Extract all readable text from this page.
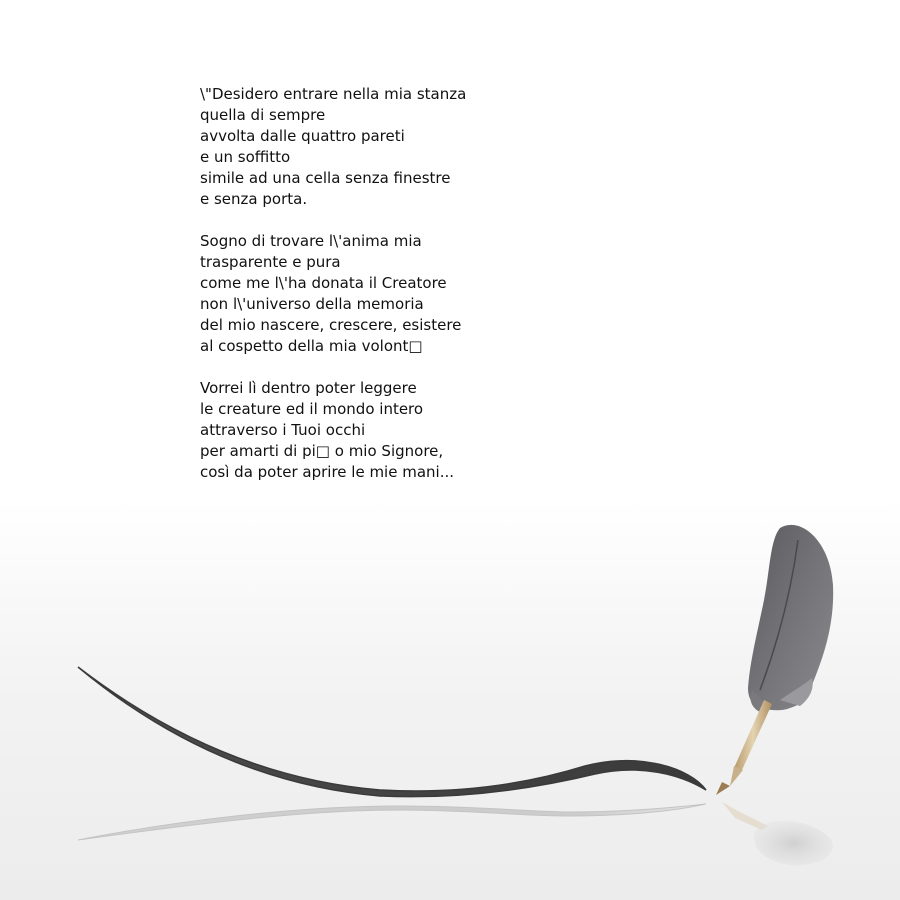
\"Desidero entrare nella mia stanza
quella di sempre
avvolta dalle quattro pareti
e un soffitto
simile ad una cella senza finestre
e senza porta.
Sogno di trovare l\'anima mia
trasparente e pura
come me l\'ha donata il Creatore
non l\'universo della memoria
del mio nascere, crescere, esistere
al cospetto della mia volont□
Vorrei lì dentro poter leggere
le creature ed il mondo intero
attraverso i Tuoi occhi
per amarti di pi□ o mio Signore,
così da poter aprire le mie mani...
